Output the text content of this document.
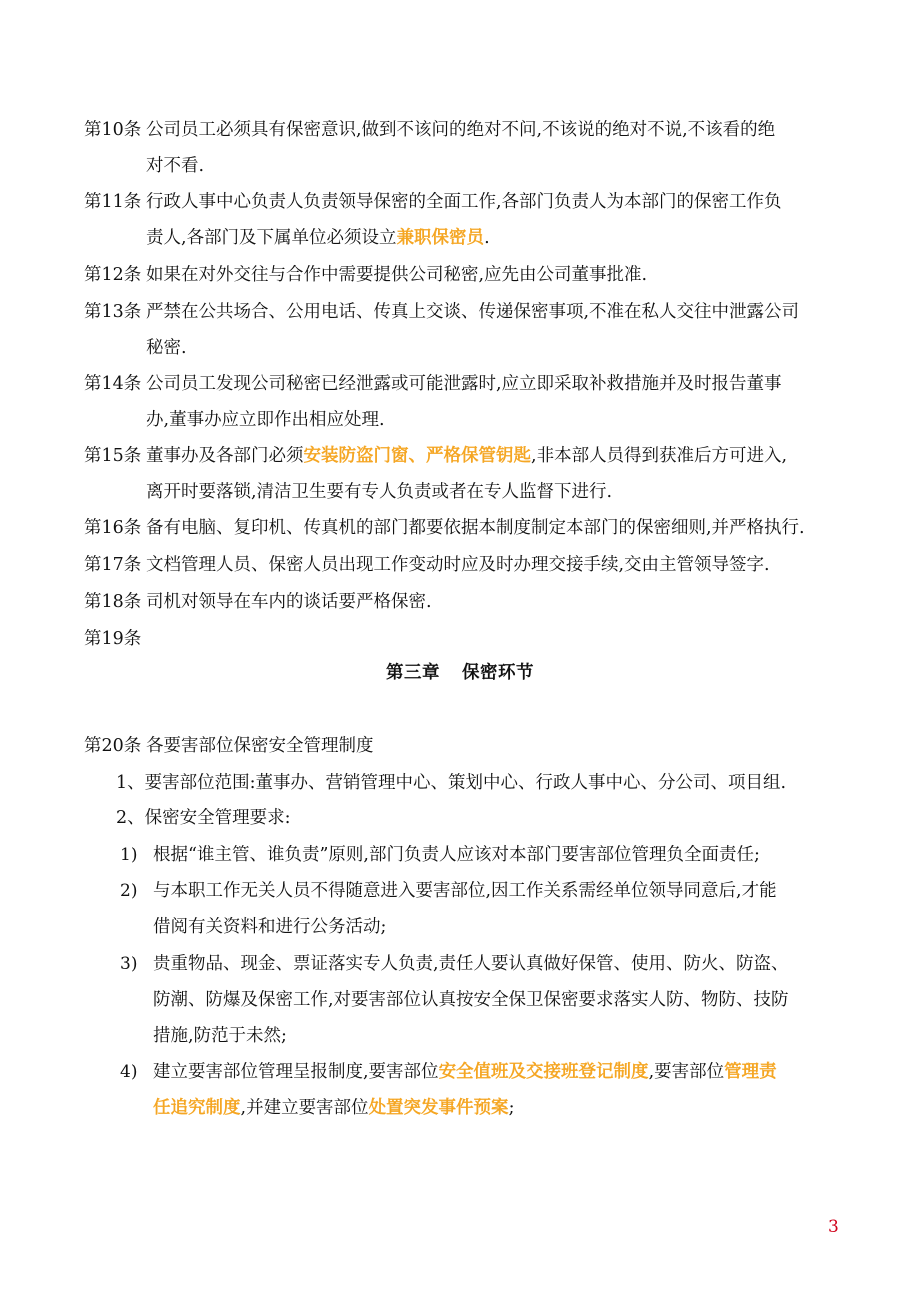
第10条 公司员工必须具有保密意识,做到不该问的绝对不问,不该说的绝对不说,不该看的绝
对不看.
第11条 行政人事中心负责人负责领导保密的全面工作,各部门负责人为本部门的保密工作负
责人,各部门及下属单位必须设立兼职保密员.
第12条 如果在对外交往与合作中需要提供公司秘密,应先由公司董事批准.
第13条 严禁在公共场合、公用电话、传真上交谈、传递保密事项,不准在私人交往中泄露公司
秘密.
第14条 公司员工发现公司秘密已经泄露或可能泄露时,应立即采取补救措施并及时报告董事
办,董事办应立即作出相应处理.
第15条 董事办及各部门必须安装防盗门窗、严格保管钥匙,非本部人员得到获准后方可进入,
离开时要落锁,清洁卫生要有专人负责或者在专人监督下进行.
第16条 备有电脑、复印机、传真机的部门都要依据本制度制定本部门的保密细则,并严格执行.
第17条 文档管理人员、保密人员出现工作变动时应及时办理交接手续,交由主管领导签字.
第18条 司机对领导在车内的谈话要严格保密.
第19条
第三章 保密环节
第20条 各要害部位保密安全管理制度
1、要害部位范围:董事办、营销管理中心、策划中心、行政人事中心、分公司、项目组.
2、保密安全管理要求:
1) 根据“谁主管、谁负责”原则,部门负责人应该对本部门要害部位管理负全面责任;
2) 与本职工作无关人员不得随意进入要害部位,因工作关系需经单位领导同意后,才能
借阅有关资料和进行公务活动;
3) 贵重物品、现金、票证落实专人负责,责任人要认真做好保管、使用、防火、防盗、
防潮、防爆及保密工作,对要害部位认真按安全保卫保密要求落实人防、物防、技防
措施,防范于未然;
4) 建立要害部位管理呈报制度,要害部位安全值班及交接班登记制度,要害部位管理责
任追究制度,并建立要害部位处置突发事件预案;
3
